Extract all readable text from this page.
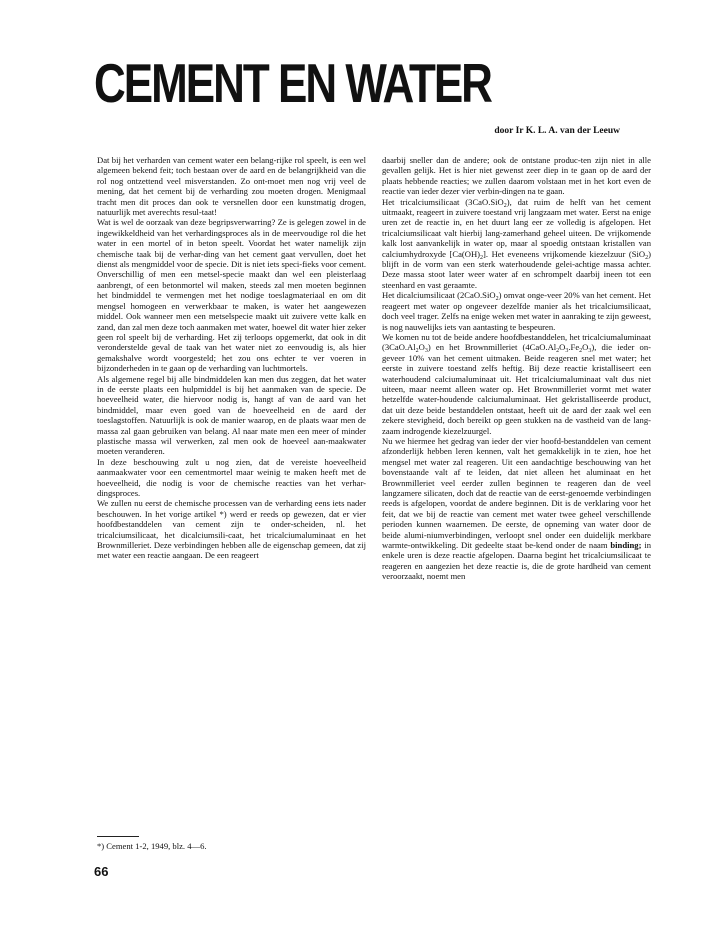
CEMENT EN WATER

door Ir K. L. A. van der Leeuw

Dat bij het verharden van cement water een belang-rijke rol speelt, is een wel algemeen bekend feit; toch bestaan over de aard en de belangrijkheid van die rol nog ontzettend veel misverstanden. Zo ont-moet men nog vrij veel de mening, dat het cement bij de verharding zou moeten drogen. Menigmaal tracht men dit proces dan ook te versnellen door een kunstmatig drogen, natuurlijk met averechts resul-taat!

Wat is wel de oorzaak van deze begripsverwarring? Ze is gelegen zowel in de ingewikkeldheid van het verhardingsproces als in de meervoudige rol die het water in een mortel of in beton speelt. Voordat het water namelijk zijn chemische taak bij de verhar-ding van het cement gaat vervullen, doet het dienst als mengmiddel voor de specie. Dit is niet iets speci-fieks voor cement. Onverschillig of men een metsel-specie maakt dan wel een pleisterlaag aanbrengt, of een betonmortel wil maken, steeds zal men moeten beginnen het bindmiddel te vermengen met het nodige toeslagmateriaal en om dit mengsel homogeen en verwerkbaar te maken, is water het aangewezen middel. Ook wanneer men een metselspecie maakt uit zuivere vette kalk en zand, dan zal men deze toch aanmaken met water, hoewel dit water hier zeker geen rol speelt bij de verharding. Het zij terloops opgemerkt, dat ook in dit veronderstelde geval de taak van het water niet zo eenvoudig is, als hier gemakshalve wordt voorgesteld; het zou ons echter te ver voeren in bijzonderheden in te gaan op de verharding van luchtmortels.

Als algemene regel bij alle bindmiddelen kan men dus zeggen, dat het water in de eerste plaats een hulpmiddel is bij het aanmaken van de specie. De hoeveelheid water, die hiervoor nodig is, hangt af van de aard van het bindmiddel, maar even goed van de hoeveelheid en de aard der toeslagstoffen. Natuurlijk is ook de manier waarop, en de plaats waar men de massa zal gaan gebruiken van belang. Al naar mate men een meer of minder plastische massa wil verwerken, zal men ook de hoeveel aan-maakwater moeten veranderen.

In deze beschouwing zult u nog zien, dat de vereiste hoeveelheid aanmaakwater voor een cementmortel maar weinig te maken heeft met de hoeveelheid, die nodig is voor de chemische reacties van het verhar-dingsproces.

We zullen nu eerst de chemische processen van de verharding eens iets nader beschouwen. In het vorige artikel *) werd er reeds op gewezen, dat er vier hoofdbestanddelen van cement zijn te onder-scheiden, nl. het tricalciumsilicaat, het dicalciumsili-caat, het tricalciumaluminaat en het Brownmilleriet. Deze verbindingen hebben alle de eigenschap gemeen, dat zij met water een reactie aangaan. De een reageert

daarbij sneller dan de andere; ook de ontstane produc-ten zijn niet in alle gevallen gelijk. Het is hier niet gewenst zeer diep in te gaan op de aard der plaats hebbende reacties; we zullen daarom volstaan met in het kort even de reactie van ieder dezer vier verbin-dingen na te gaan.

Het tricalciumsilicaat (3CaO.SiO$_2$), dat ruim de helft van het cement uitmaakt, reageert in zuivere toestand vrij langzaam met water. Eerst na enige uren zet de reactie in, en het duurt lang eer ze volledig is afgelopen. Het tricalciumsilicaat valt hierbij lang-zamerhand geheel uiteen. De vrijkomende kalk lost aanvankelijk in water op, maar al spoedig ontstaan kristallen van calciumhydroxyde $[Ca(OH)_2]$. Het eveneens vrijkomende kiezelzuur (SiO$_2$) blijft in de vorm van een sterk waterhoudende gelei-achtige massa achter. Deze massa stoot later weer water af en schrompelt daarbij ineen tot een steenhard en vast geraamte.

Het dicalciumsilicaat (2CaO.SiO$_2$) omvat onge-veer 20% van het cement. Het reageert met water op ongeveer dezelfde manier als het tricalciumsilicaat, doch veel trager. Zelfs na enige weken met water in aanraking te zijn geweest, is nog nauwelijks iets van aantasting te bespeuren.

We komen nu tot de beide andere hoofdbestanddelen, het tricalciumaluminaat $(3CaO.Al_2O_3)$ en het Brownmilleriet $(4CaO.Al_2O_3.Fe_2O_3)$, die ieder on-geveer 10% van het cement uitmaken. Beide reageren snel met water; het eerste in zuivere toestand zelfs heftig. Bij deze reactie kristalliseert een waterhoudend calciumaluminaat uit. Het tricalciumaluminaat valt dus niet uiteen, maar neemt alleen water op. Het Brownmilleriet vormt met water hetzelfde water-houdende calciumaluminaat. Het gekristalliseerde product, dat uit deze beide bestanddelen ontstaat, heeft uit de aard der zaak wel een zekere stevigheid, doch bereikt op geen stukken na de vastheid van de lang-zaam indrogende kiezelzuurgel.

Nu we hiermee het gedrag van ieder der vier hoofd-bestanddelen van cement afzonderlijk hebben leren kennen, valt het gemakkelijk in te zien, hoe het mengsel met water zal reageren. Uit een aandachtige beschouwing van het bovenstaande valt af te leiden, dat niet alleen het aluminaat en het Brownmilleriet veel eerder zullen beginnen te reageren dan de veel langzamere silicaten, doch dat de reactie van de eerst-genoemde verbindingen reeds is afgelopen, voordat de andere beginnen. Dit is de verklaring voor het feit, dat we bij de reactie van cement met water twee geheel verschillende perioden kunnen waarnemen. De eerste, de opneming van water door de beide alumi-niumverbindingen, verloopt snel onder een duidelijk merkbare warmte-ontwikkeling. Dit gedeelte staat be-kend onder de naam binding; in enkele uren is deze reactie afgelopen. Daarna begint het tricalciumsilicaat te reageren en aangezien het deze reactie is, die de grote hardheid van cement veroorzaakt, noemt men

*) Cement 1-2, 1949, blz. 4—6.

66
